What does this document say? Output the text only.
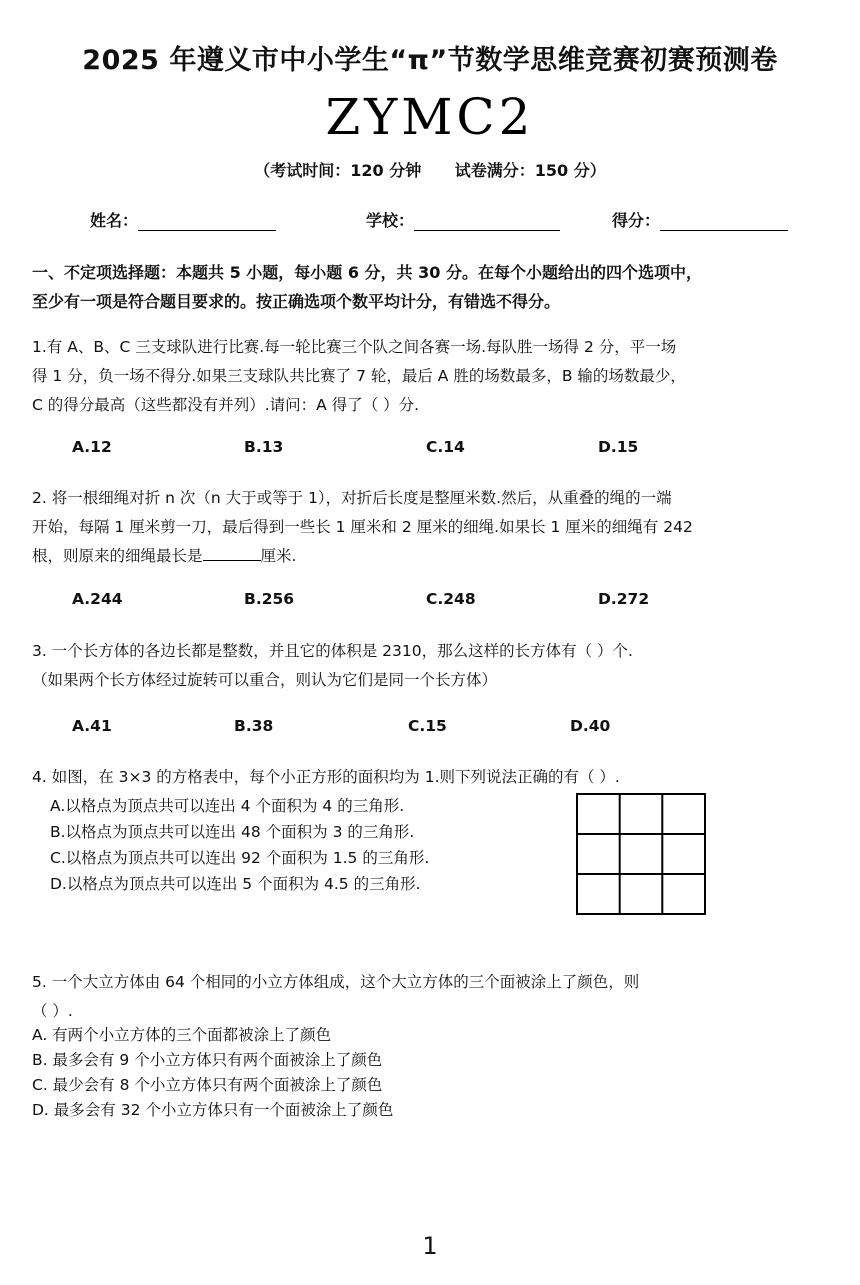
2025 年遵义市中小学生“π”节数学思维竞赛初赛预测卷
ZYMC2
（考试时间：120 分钟 试卷满分：150 分）
姓名：	学校：	得分：
一、不定项选择题：本题共 5 小题，每小题 6 分，共 30 分。在每个小题给出的四个选项中，
至少有一项是符合题目要求的。按正确选项个数平均计分，有错选不得分。
1.有 A、B、C 三支球队进行比赛.每一轮比赛三个队之间各赛一场.每队胜一场得 2 分，平一场
得 1 分，负一场不得分.如果三支球队共比赛了 7 轮，最后 A 胜的场数最多，B 输的场数最少，
C 的得分最高（这些都没有并列）.请问：A 得了（ ）分.
A.12	B.13	C.14	D.15
2. 将一根细绳对折 n 次（n 大于或等于 1），对折后长度是整厘米数.然后，从重叠的绳的一端
开始，每隔 1 厘米剪一刀，最后得到一些长 1 厘米和 2 厘米的细绳.如果长 1 厘米的细绳有 242
根，则原来的细绳最长是	厘米.
A.244	B.256	C.248	D.272
3. 一个长方体的各边长都是整数，并且它的体积是 2310，那么这样的长方体有（ ）个.
（如果两个长方体经过旋转可以重合，则认为它们是同一个长方体）
A.41	B.38	C.15	D.40
4. 如图，在 3×3 的方格表中，每个小正方形的面积均为 1.则下列说法正确的有（ ）.
A.以格点为顶点共可以连出 4 个面积为 4 的三角形.
B.以格点为顶点共可以连出 48 个面积为 3 的三角形.
C.以格点为顶点共可以连出 92 个面积为 1.5 的三角形.
D.以格点为顶点共可以连出 5 个面积为 4.5 的三角形.
5. 一个大立方体由 64 个相同的小立方体组成，这个大立方体的三个面被涂上了颜色，则
（ ）.
A. 有两个小立方体的三个面都被涂上了颜色
B. 最多会有 9 个小立方体只有两个面被涂上了颜色
C. 最少会有 8 个小立方体只有两个面被涂上了颜色
D. 最多会有 32 个小立方体只有一个面被涂上了颜色
1
